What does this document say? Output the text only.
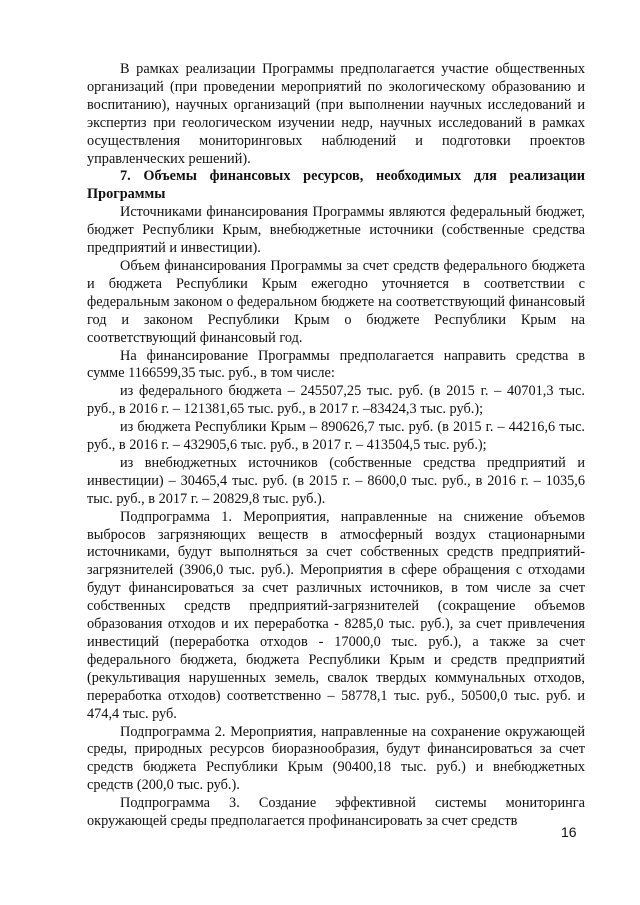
В рамках реализации Программы предполагается участие общественных организаций (при проведении мероприятий по экологическому образованию и воспитанию), научных организаций (при выполнении научных исследований и экспертиз при геологическом изучении недр, научных исследований в рамках осуществления мониторинговых наблюдений и подготовки проектов управленческих решений).

7. Объемы финансовых ресурсов, необходимых для реализации Программы

Источниками финансирования Программы являются федеральный бюджет, бюджет Республики Крым, внебюджетные источники (собственные средства предприятий и инвестиции).

Объем финансирования Программы за счет средств федерального бюджета и бюджета Республики Крым ежегодно уточняется в соответствии с федеральным законом о федеральном бюджете на соответствующий финансовый год и законом Республики Крым о бюджете Республики Крым на соответствующий финансовый год.

На финансирование Программы предполагается направить средства в сумме 1166599,35 тыс. руб., в том числе:

из федерального бюджета – 245507,25 тыс. руб. (в 2015 г. – 40701,3 тыс. руб., в 2016 г. – 121381,65 тыс. руб., в 2017 г. –83424,3 тыс. руб.);

из бюджета Республики Крым – 890626,7 тыс. руб. (в 2015 г. – 44216,6 тыс. руб., в 2016 г. – 432905,6 тыс. руб., в 2017 г. – 413504,5 тыс. руб.);

из внебюджетных источников (собственные средства предприятий и инвестиции) – 30465,4 тыс. руб. (в 2015 г. – 8600,0 тыс. руб., в 2016 г. – 1035,6 тыс. руб., в 2017 г. – 20829,8 тыс. руб.).

Подпрограмма 1. Мероприятия, направленные на снижение объемов выбросов загрязняющих веществ в атмосферный воздух стационарными источниками, будут выполняться за счет собственных средств предприятий-загрязнителей (3906,0 тыс. руб.). Мероприятия в сфере обращения с отходами будут финансироваться за счет различных источников, в том числе за счет собственных средств предприятий-загрязнителей (сокращение объемов образования отходов и их переработка - 8285,0 тыс. руб.), за счет привлечения инвестиций (переработка отходов - 17000,0 тыс. руб.), а также за счет федерального бюджета, бюджета Республики Крым и средств предприятий (рекультивация нарушенных земель, свалок твердых коммунальных отходов, переработка отходов) соответственно – 58778,1 тыс. руб., 50500,0 тыс. руб. и 474,4 тыс. руб.

Подпрограмма 2. Мероприятия, направленные на сохранение окружающей среды, природных ресурсов биоразнообразия, будут финансироваться за счет средств бюджета Республики Крым (90400,18 тыс. руб.) и внебюджетных средств (200,0 тыс. руб.).

Подпрограмма 3. Создание эффективной системы мониторинга окружающей среды предполагается профинансировать за счет средств

16
